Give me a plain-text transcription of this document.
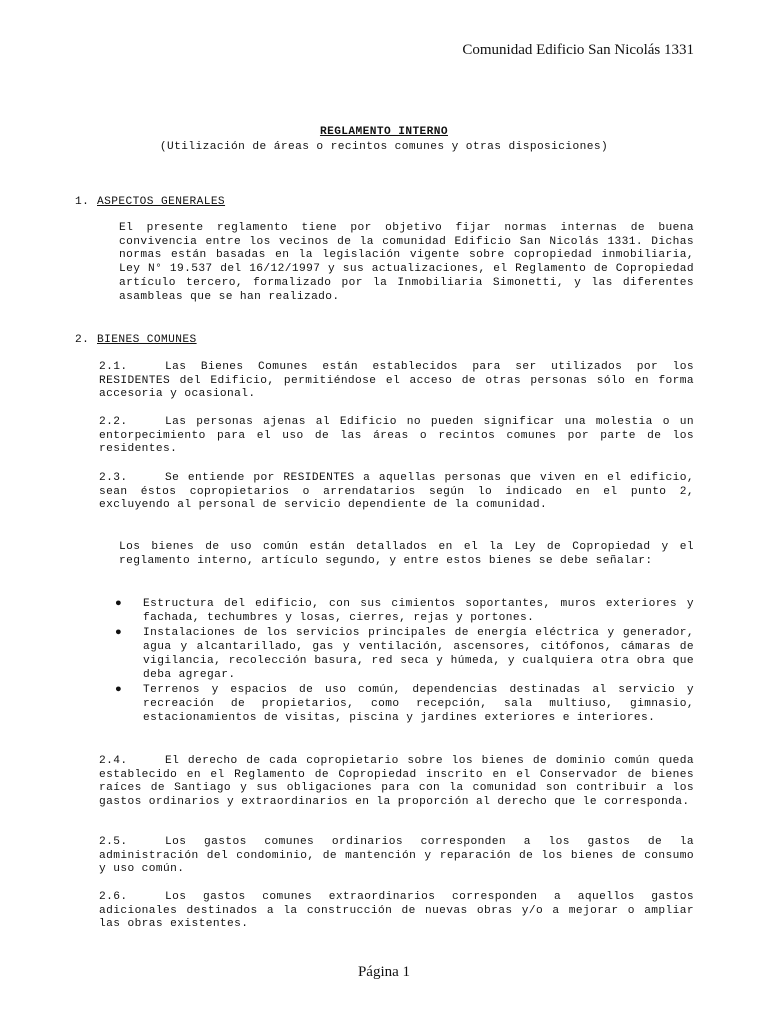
Comunidad Edificio San Nicolás 1331
REGLAMENTO INTERNO
(Utilización de áreas o recintos comunes y otras disposiciones)
1. ASPECTOS GENERALES
El presente reglamento tiene por objetivo fijar normas internas de buena convivencia entre los vecinos de la comunidad Edificio San Nicolás 1331. Dichas normas están basadas en la legislación vigente sobre copropiedad inmobiliaria, Ley N° 19.537 del 16/12/1997 y sus actualizaciones, el Reglamento de Copropiedad artículo tercero, formalizado por la Inmobiliaria Simonetti, y las diferentes asambleas que se han realizado.
2. BIENES COMUNES
2.1.	Las Bienes Comunes están establecidos para ser utilizados por los RESIDENTES del Edificio, permitiéndose el acceso de otras personas sólo en forma accesoria y ocasional.
2.2.	Las personas ajenas al Edificio no pueden significar una molestia o un entorpecimiento para el uso de las áreas o recintos comunes por parte de los residentes.
2.3.	Se entiende por RESIDENTES a aquellas personas que viven en el edificio, sean éstos copropietarios o arrendatarios según lo indicado en el punto 2, excluyendo al personal de servicio dependiente de la comunidad.
Los bienes de uso común están detallados en el la Ley de Copropiedad y el reglamento interno, artículo segundo, y entre estos bienes se debe señalar:
●	Estructura del edificio, con sus cimientos soportantes, muros exteriores y fachada, techumbres y losas, cierres, rejas y portones.
●	Instalaciones de los servicios principales de energía eléctrica y generador, agua y alcantarillado, gas y ventilación, ascensores, citófonos, cámaras de vigilancia, recolección basura, red seca y húmeda, y cualquiera otra obra que deba agregar.
●	Terrenos y espacios de uso común, dependencias destinadas al servicio y recreación de propietarios, como recepción, sala multiuso, gimnasio, estacionamientos de visitas, piscina y jardines exteriores e interiores.
2.4.	El derecho de cada copropietario sobre los bienes de dominio común queda establecido en el Reglamento de Copropiedad inscrito en el Conservador de bienes raíces de Santiago y sus obligaciones para con la comunidad son contribuir a los gastos ordinarios y extraordinarios en la proporción al derecho que le corresponda.
2.5.	Los gastos comunes ordinarios corresponden a los gastos de la administración del condominio, de mantención y reparación de los bienes de consumo y uso común.
2.6.	Los gastos comunes extraordinarios corresponden a aquellos gastos adicionales destinados a la construcción de nuevas obras y/o a mejorar o ampliar las obras existentes.
Página 1
